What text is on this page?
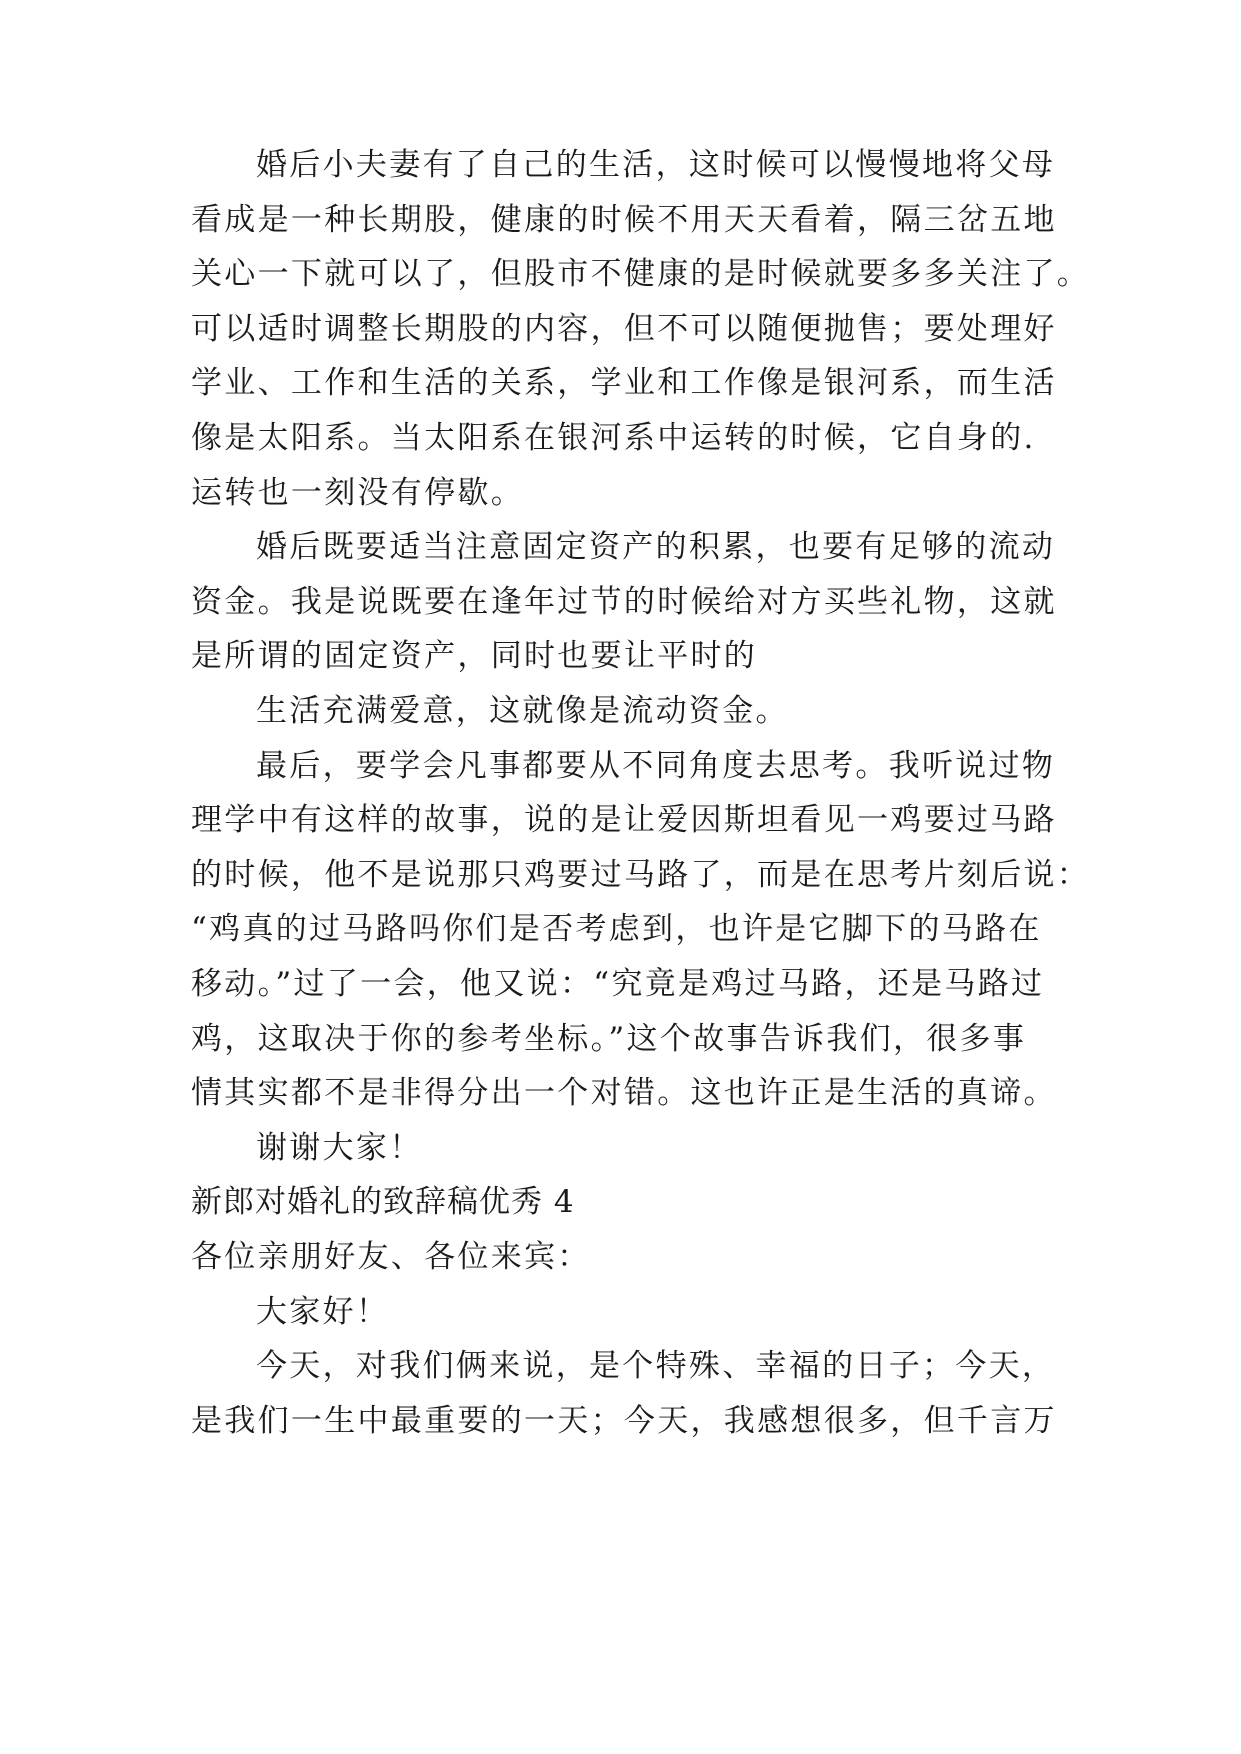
婚后小夫妻有了自己的生活，这时候可以慢慢地将父母
看成是一种长期股，健康的时候不用天天看着，隔三岔五地
关心一下就可以了，但股市不健康的是时候就要多多关注了。
可以适时调整长期股的内容，但不可以随便抛售；要处理好
学业、工作和生活的关系，学业和工作像是银河系，而生活
像是太阳系。当太阳系在银河系中运转的时候，它自身的.
运转也一刻没有停歇。
婚后既要适当注意固定资产的积累，也要有足够的流动
资金。我是说既要在逢年过节的时候给对方买些礼物，这就
是所谓的固定资产，同时也要让平时的
生活充满爱意，这就像是流动资金。
最后，要学会凡事都要从不同角度去思考。我听说过物
理学中有这样的故事，说的是让爱因斯坦看见一鸡要过马路
的时候，他不是说那只鸡要过马路了，而是在思考片刻后说：
“鸡真的过马路吗你们是否考虑到，也许是它脚下的马路在
移动。”过了一会，他又说：“究竟是鸡过马路，还是马路过
鸡，这取决于你的参考坐标。”这个故事告诉我们，很多事
情其实都不是非得分出一个对错。这也许正是生活的真谛。
谢谢大家！
新郎对婚礼的致辞稿优秀 4
各位亲朋好友、各位来宾：
大家好！
今天，对我们俩来说，是个特殊、幸福的日子；今天，
是我们一生中最重要的一天；今天，我感想很多，但千言万
